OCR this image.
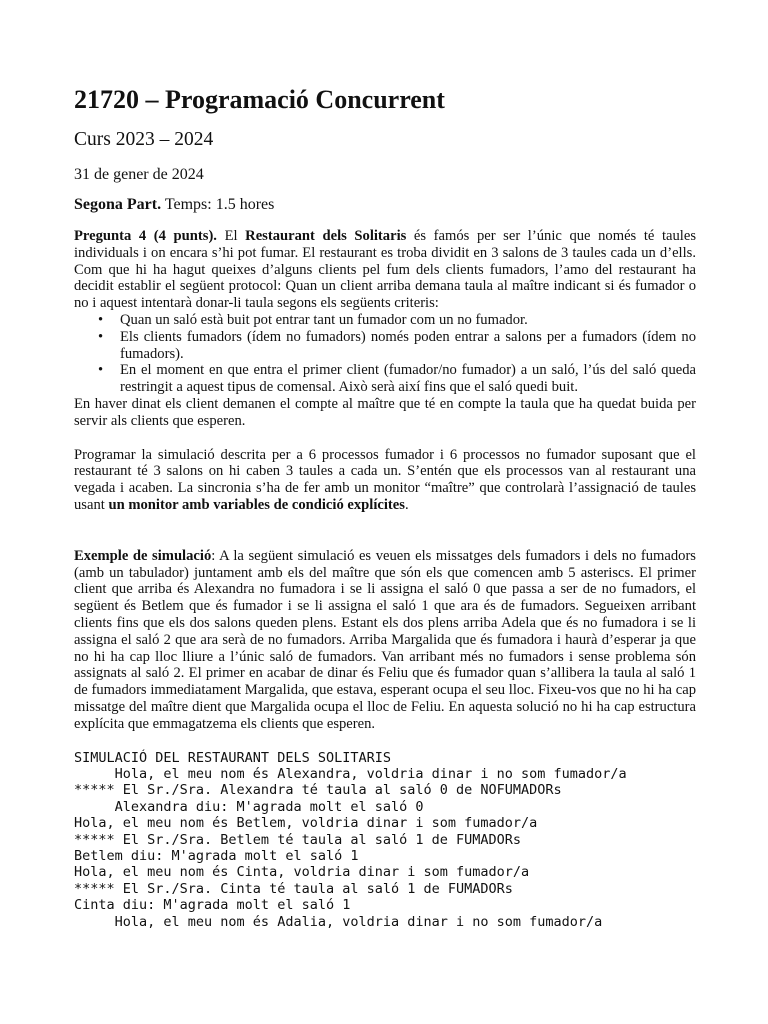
21720 – Programació Concurrent
Curs 2023 – 2024
31 de gener de 2024
Segona Part. Temps: 1.5 hores

Pregunta 4 (4 punts). El Restaurant dels Solitaris és famós per ser l’únic que només té taules individuals i on encara s’hi pot fumar. El restaurant es troba dividit en 3 salons de 3 taules cada un d’ells. Com que hi ha hagut queixes d’alguns clients pel fum dels clients fumadors, l’amo del restaurant ha decidit establir el següent protocol: Quan un client arriba demana taula al maître indicant si és fumador o no i aquest intentarà donar-li taula segons els següents criteris:

• Quan un saló està buit pot entrar tant un fumador com un no fumador.
• Els clients fumadors (ídem no fumadors) només poden entrar a salons per a fumadors (ídem no fumadors).
• En el moment en que entra el primer client (fumador/no fumador) a un saló, l’ús del saló queda restringit a aquest tipus de comensal. Això serà així fins que el saló quedi buit.

En haver dinat els client demanen el compte al maître que té en compte la taula que ha quedat buida per servir als clients que esperen.

Programar la simulació descrita per a 6 processos fumador i 6 processos no fumador suposant que el restaurant té 3 salons on hi caben 3 taules a cada un. S’entén que els processos van al restaurant una vegada i acaben. La sincronia s’ha de fer amb un monitor “maître” que controlarà l’assignació de taules usant un monitor amb variables de condició explícites.

Exemple de simulació: A la següent simulació es veuen els missatges dels fumadors i dels no fumadors (amb un tabulador) juntament amb els del maître que són els que comencen amb 5 asteriscs. El primer client que arriba és Alexandra no fumadora i se li assigna el saló 0 que passa a ser de no fumadors, el següent és Betlem que és fumador i se li assigna el saló 1 que ara és de fumadors. Segueixen arribant clients fins que els dos salons queden plens. Estant els dos plens arriba Adela que és no fumadora i se li assigna el saló 2 que ara serà de no fumadors. Arriba Margalida que és fumadora i haurà d’esperar ja que no hi ha cap lloc lliure a l’únic saló de fumadors. Van arribant més no fumadors i sense problema són assignats al saló 2. El primer en acabar de dinar és Feliu que és fumador quan s’allibera la taula al saló 1 de fumadors immediatament Margalida, que estava, esperant ocupa el seu lloc. Fixeu-vos que no hi ha cap missatge del maître dient que Margalida ocupa el lloc de Feliu. En aquesta solució no hi ha cap estructura explícita que emmagatzema els clients que esperen.

SIMULACIÓ DEL RESTAURANT DELS SOLITARIS
Hola, el meu nom és Alexandra, voldria dinar i no som fumador/a
***** El Sr./Sra. Alexandra té taula al saló 0 de NOFUMADORs
Alexandra diu: M'agrada molt el saló 0
Hola, el meu nom és Betlem, voldria dinar i som fumador/a
***** El Sr./Sra. Betlem té taula al saló 1 de FUMADORs
Betlem diu: M'agrada molt el saló 1
Hola, el meu nom és Cinta, voldria dinar i som fumador/a
***** El Sr./Sra. Cinta té taula al saló 1 de FUMADORs
Cinta diu: M'agrada molt el saló 1
Hola, el meu nom és Adalia, voldria dinar i no som fumador/a
